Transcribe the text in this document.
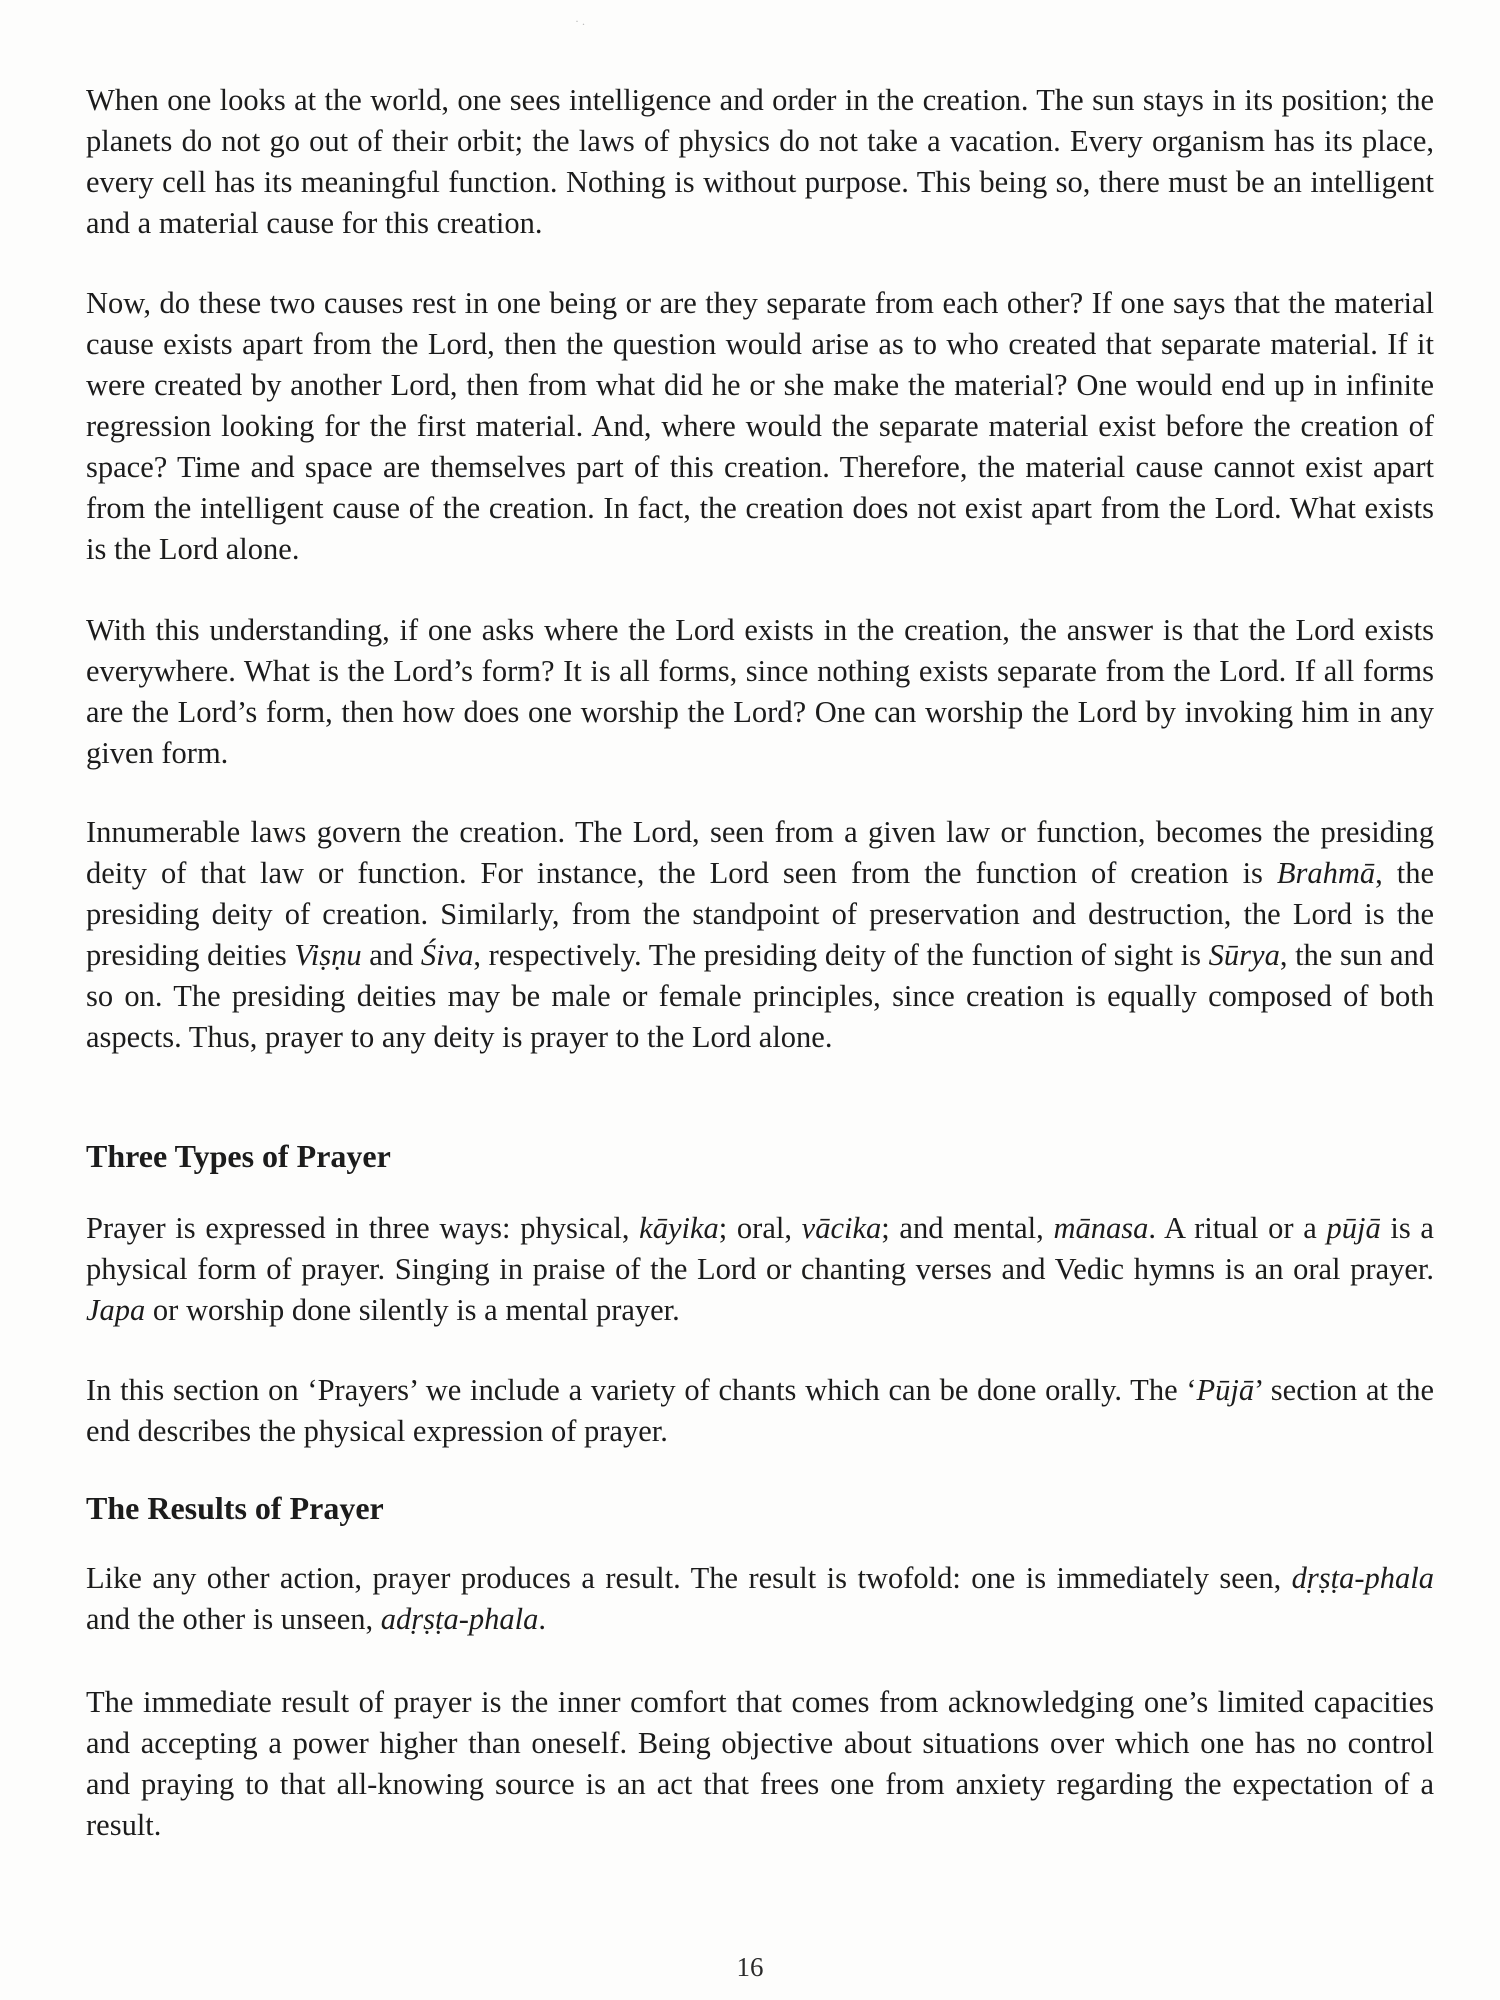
· .

When one looks at the world, one sees intelligence and order in the creation. The sun stays in its position; the planets do not go out of their orbit; the laws of physics do not take a vacation. Every organism has its place, every cell has its meaningful function. Nothing is without purpose. This being so, there must be an intelligent and a material cause for this creation.

Now, do these two causes rest in one being or are they separate from each other? If one says that the material cause exists apart from the Lord, then the question would arise as to who created that separate material. If it were created by another Lord, then from what did he or she make the material? One would end up in infinite regression looking for the first material. And, where would the separate material exist before the creation of space? Time and space are themselves part of this creation. Therefore, the material cause cannot exist apart from the intelligent cause of the creation. In fact, the creation does not exist apart from the Lord. What exists is the Lord alone.

With this understanding, if one asks where the Lord exists in the creation, the answer is that the Lord exists everywhere. What is the Lord’s form? It is all forms, since nothing exists separate from the Lord. If all forms are the Lord’s form, then how does one worship the Lord? One can worship the Lord by invoking him in any given form.

Innumerable laws govern the creation. The Lord, seen from a given law or function, becomes the presiding deity of that law or function. For instance, the Lord seen from the function of creation is Brahmā, the presiding deity of creation. Similarly, from the standpoint of preservation and destruction, the Lord is the presiding deities Viṣṇu and Śiva, respectively. The presiding deity of the function of sight is Sūrya, the sun and so on. The presiding deities may be male or female principles, since creation is equally composed of both aspects. Thus, prayer to any deity is prayer to the Lord alone.

Three Types of Prayer

Prayer is expressed in three ways: physical, kāyika; oral, vācika; and mental, mānasa. A ritual or a pūjā is a physical form of prayer. Singing in praise of the Lord or chanting verses and Vedic hymns is an oral prayer. Japa or worship done silently is a mental prayer.

In this section on ‘Prayers’ we include a variety of chants which can be done orally. The ‘Pūjā’ section at the end describes the physical expression of prayer.

The Results of Prayer

Like any other action, prayer produces a result. The result is twofold: one is immediately seen, dṛṣṭa-phala and the other is unseen, adṛṣṭa-phala.

The immediate result of prayer is the inner comfort that comes from acknowledging one’s limited capacities and accepting a power higher than oneself. Being objective about situations over which one has no control and praying to that all-knowing source is an act that frees one from anxiety regarding the expectation of a result.

16
